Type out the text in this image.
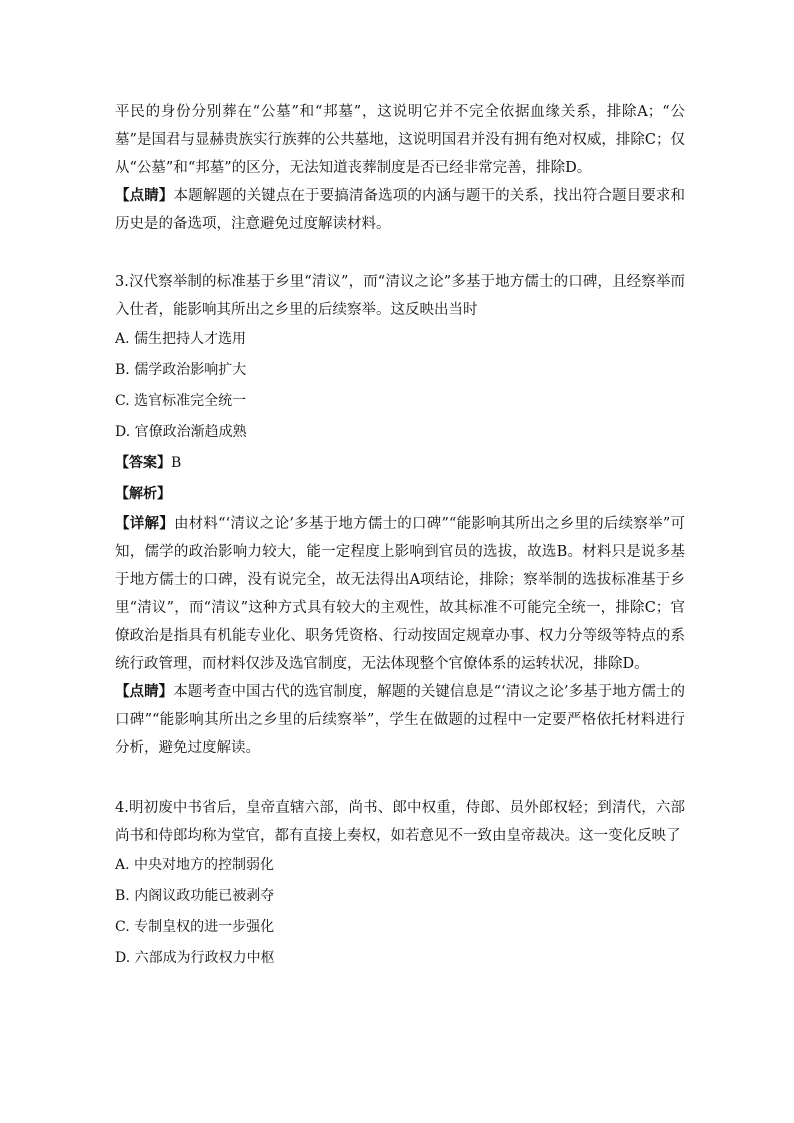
平民的身份分别葬在“公墓”和“邦墓”，这说明它并不完全依据血缘关系，排除A；“公墓”是国君与显赫贵族实行族葬的公共墓地，这说明国君并没有拥有绝对权威，排除C；仅从“公墓”和“邦墓”的区分，无法知道丧葬制度是否已经非常完善，排除D。

【点睛】本题解题的关键点在于要搞清备选项的内涵与题干的关系，找出符合题目要求和历史是的备选项，注意避免过度解读材料。

3.汉代察举制的标准基于乡里“清议”，而“清议之论”多基于地方儒士的口碑，且经察举而入仕者，能影响其所出之乡里的后续察举。这反映出当时

A. 儒生把持人才选用

B. 儒学政治影响扩大

C. 选官标准完全统一

D. 官僚政治渐趋成熟

【答案】B

【解析】

【详解】由材料“‘清议之论’多基于地方儒士的口碑”“能影响其所出之乡里的后续察举”可知，儒学的政治影响力较大，能一定程度上影响到官员的选拔，故选B。材料只是说多基于地方儒士的口碑，没有说完全，故无法得出A项结论，排除；察举制的选拔标准基于乡里“清议”，而“清议”这种方式具有较大的主观性，故其标准不可能完全统一，排除C；官僚政治是指具有机能专业化、职务凭资格、行动按固定规章办事、权力分等级等特点的系统行政管理，而材料仅涉及选官制度，无法体现整个官僚体系的运转状况，排除D。

【点睛】本题考查中国古代的选官制度，解题的关键信息是“‘清议之论’多基于地方儒士的口碑”“能影响其所出之乡里的后续察举”，学生在做题的过程中一定要严格依托材料进行分析，避免过度解读。

4.明初废中书省后，皇帝直辖六部，尚书、郎中权重，侍郎、员外郎权轻；到清代，六部尚书和侍郎均称为堂官，都有直接上奏权，如若意见不一致由皇帝裁决。这一变化反映了

A. 中央对地方的控制弱化

B. 内阁议政功能已被剥夺

C. 专制皇权的进一步强化

D. 六部成为行政权力中枢
